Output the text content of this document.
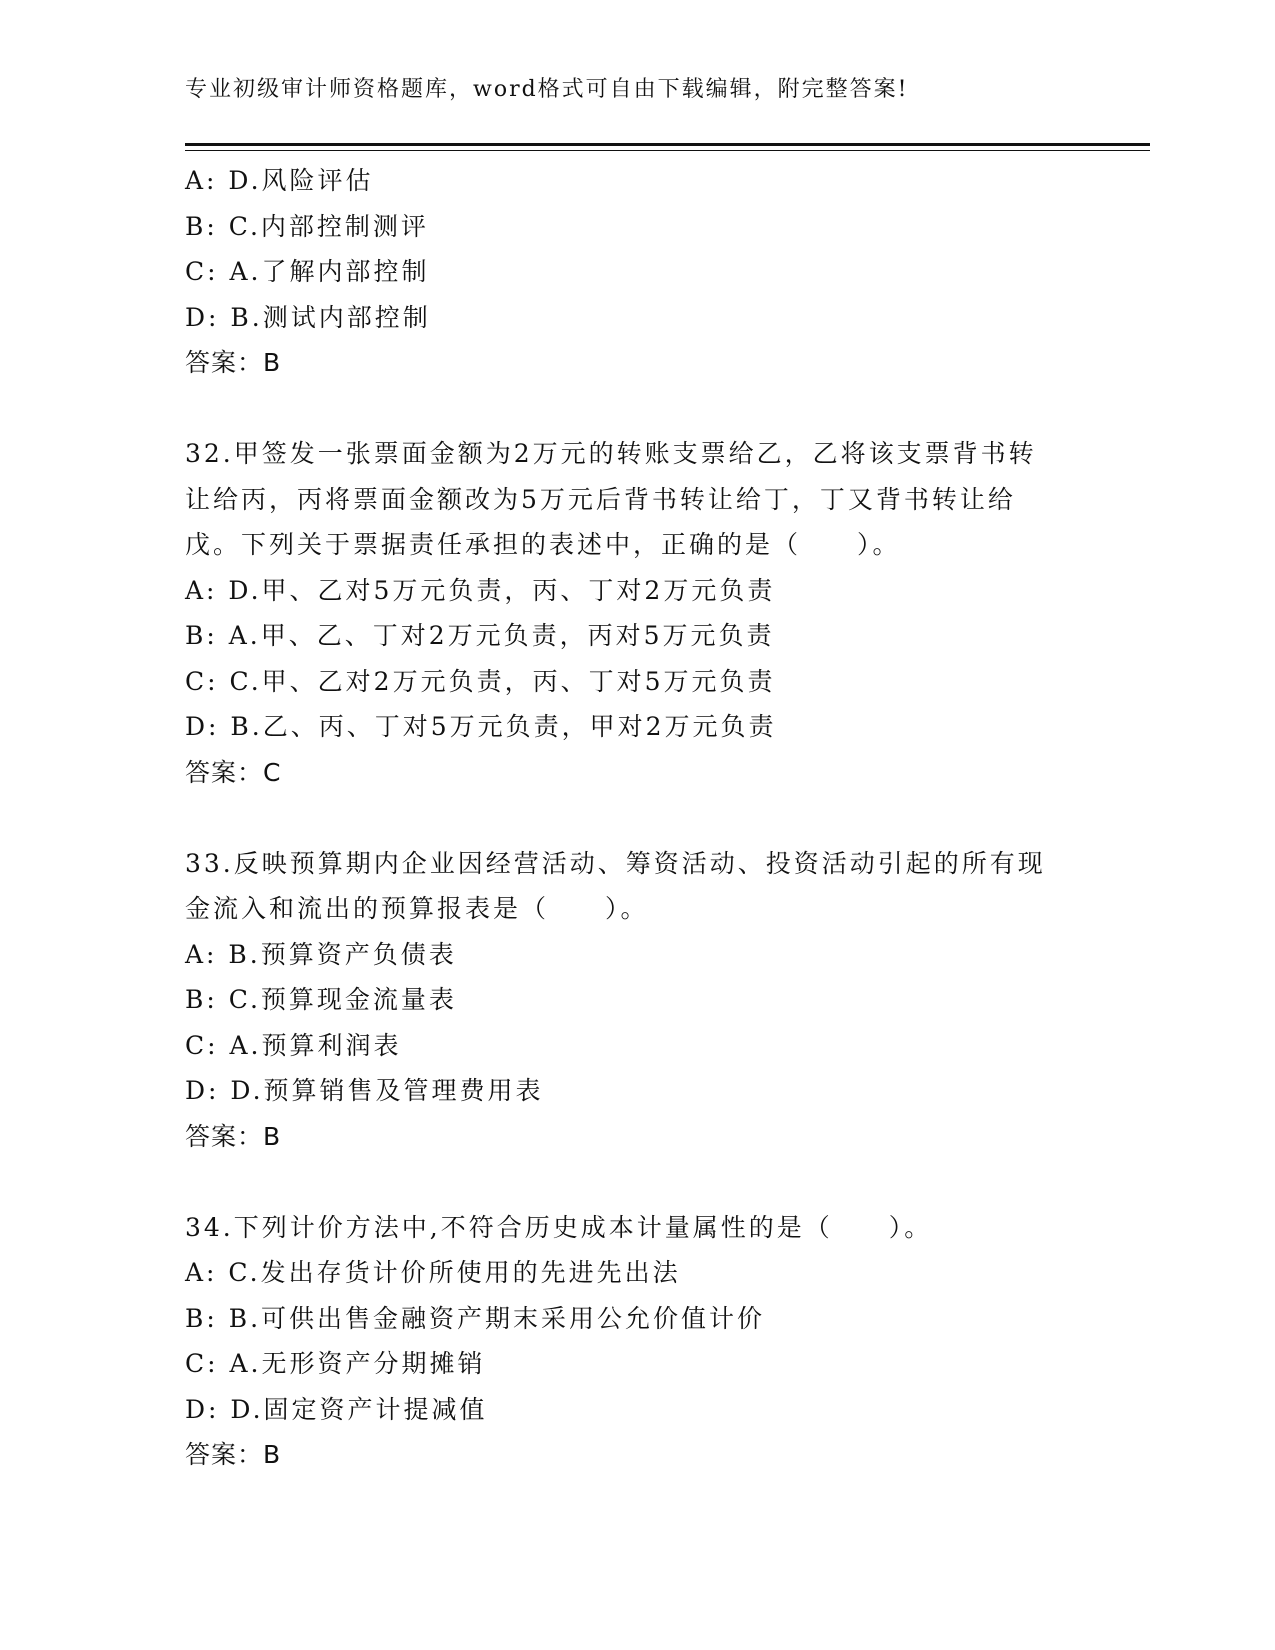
专业初级审计师资格题库，word格式可自由下载编辑，附完整答案!
A: D.风险评估
B: C.内部控制测评
C: A.了解内部控制
D: B.测试内部控制
答案：B
32.甲签发一张票面金额为2万元的转账支票给乙，乙将该支票背书转
让给丙，丙将票面金额改为5万元后背书转让给丁，丁又背书转让给
戊。下列关于票据责任承担的表述中，正确的是（　　）。
A: D.甲、乙对5万元负责，丙、丁对2万元负责
B: A.甲、乙、丁对2万元负责，丙对5万元负责
C: C.甲、乙对2万元负责，丙、丁对5万元负责
D: B.乙、丙、丁对5万元负责，甲对2万元负责
答案：C
33.反映预算期内企业因经营活动、筹资活动、投资活动引起的所有现
金流入和流出的预算报表是（　　）。
A: B.预算资产负债表
B: C.预算现金流量表
C: A.预算利润表
D: D.预算销售及管理费用表
答案：B
34.下列计价方法中,不符合历史成本计量属性的是（　　）。
A: C.发出存货计价所使用的先进先出法
B: B.可供出售金融资产期末采用公允价值计价
C: A.无形资产分期摊销
D: D.固定资产计提减值
答案：B
